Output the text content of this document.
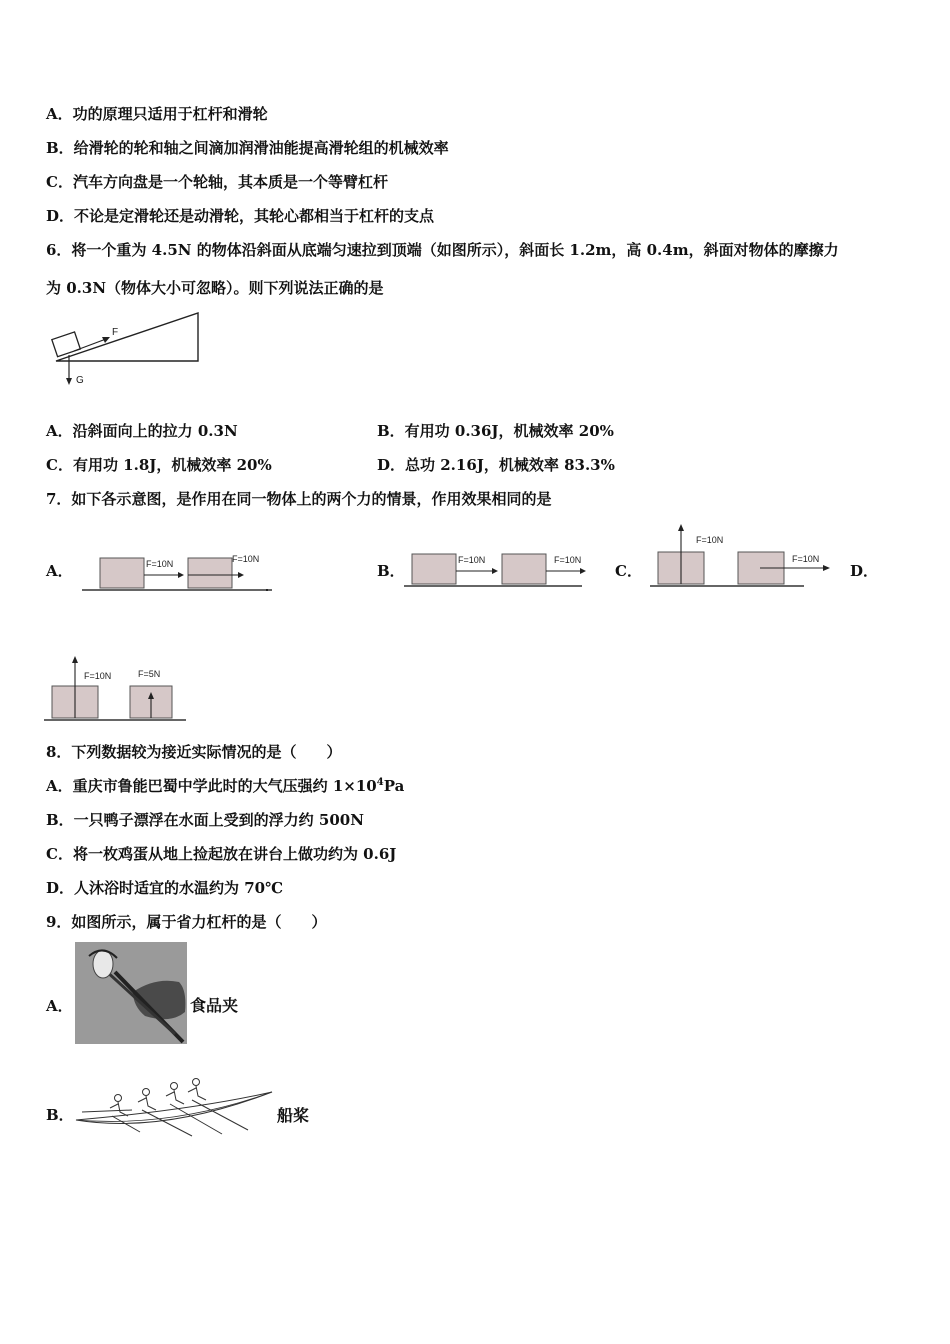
A．功的原理只适用于杠杆和滑轮
B．给滑轮的轮和轴之间滴加润滑油能提高滑轮组的机械效率
C．汽车方向盘是一个轮轴，其本质是一个等臂杠杆
D．不论是定滑轮还是动滑轮，其轮心都相当于杠杆的支点
6．将一个重为 4.5N 的物体沿斜面从底端匀速拉到顶端（如图所示），斜面长 1.2m，高 0.4m，斜面对物体的摩擦力
为 0.3N（物体大小可忽略）。则下列说法正确的是
F
G
A．沿斜面向上的拉力 0.3N	B．有用功 0.36J，机械效率 20%
C．有用功 1.8J，机械效率 20%	D．总功 2.16J，机械效率 83.3%
7．如下各示意图，是作用在同一物体上的两个力的情景，作用效果相同的是
A．	F=10N	F=10N
B．
F=10N	F=10N
C．
F=10N
F=10N
D．
F=10N	F=5N
8．下列数据较为接近实际情况的是（　　）
A．重庆市鲁能巴蜀中学此时的大气压强约 $1\times 10^4Pa$
B．一只鸭子漂浮在水面上受到的浮力约 500N
C．将一枚鸡蛋从地上捡起放在讲台上做功约为 0.6J
D．人沐浴时适宜的水温约为 70℃
9．如图所示，属于省力杠杆的是（　　）
A．	食品夹
B．	船桨
